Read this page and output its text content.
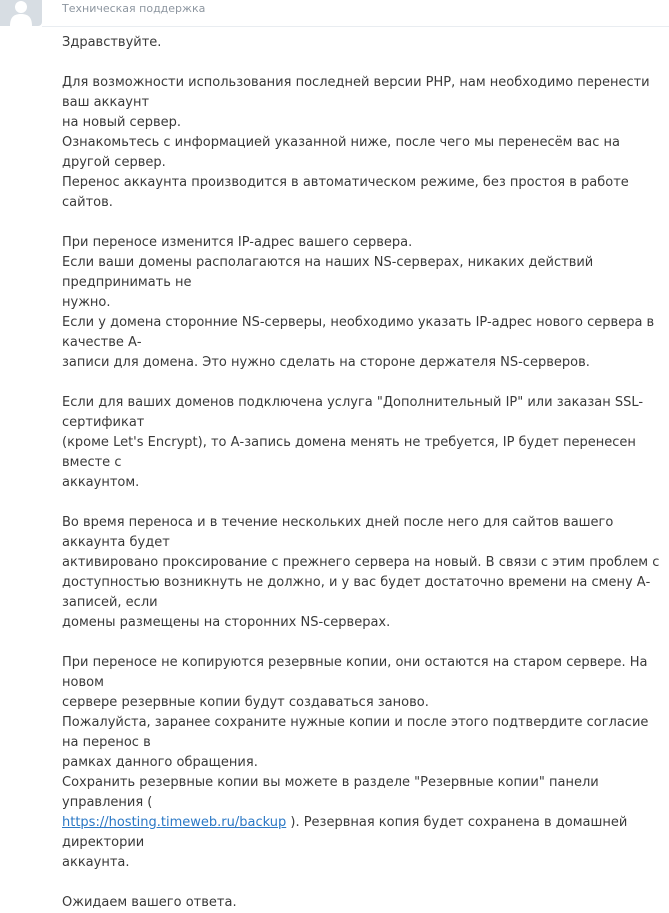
Техническая поддержка

Здравствуйте.

Для возможности использования последней версии PHP, нам необходимо перенести ваш аккаунт
на новый сервер.
Ознакомьтесь с информацией указанной ниже, после чего мы перенесём вас на другой сервер.
Перенос аккаунта производится в автоматическом режиме, без простоя в работе сайтов.

При переносе изменится IP-адрес вашего сервера.
Если ваши домены располагаются на наших NS-серверах, никаких действий предпринимать не
нужно.
Если у домена сторонние NS-серверы, необходимо указать IP-адрес нового сервера в качестве А-
записи для домена. Это нужно сделать на стороне держателя NS-серверов.

Если для ваших доменов подключена услуга "Дополнительный IP" или заказан SSL-сертификат
(кроме Let's Encrypt), то А-запись домена менять не требуется, IP будет перенесен вместе с
аккаунтом.

Во время переноса и в течение нескольких дней после него для сайтов вашего аккаунта будет
активировано проксирование с прежнего сервера на новый. В связи с этим проблем с
доступностью возникнуть не должно, и у вас будет достаточно времени на смену А-записей, если
домены размещены на сторонних NS-серверах.

При переносе не копируются резервные копии, они остаются на старом сервере. На новом
сервере резервные копии будут создаваться заново.
Пожалуйста, заранее сохраните нужные копии и после этого подтвердите согласие на перенос в
рамках данного обращения.
Сохранить резервные копии вы можете в разделе "Резервные копии" панели управления (
https://hosting.timeweb.ru/backup ). Резервная копия будет сохранена в домашней директории
аккаунта.

Ожидаем вашего ответа.
